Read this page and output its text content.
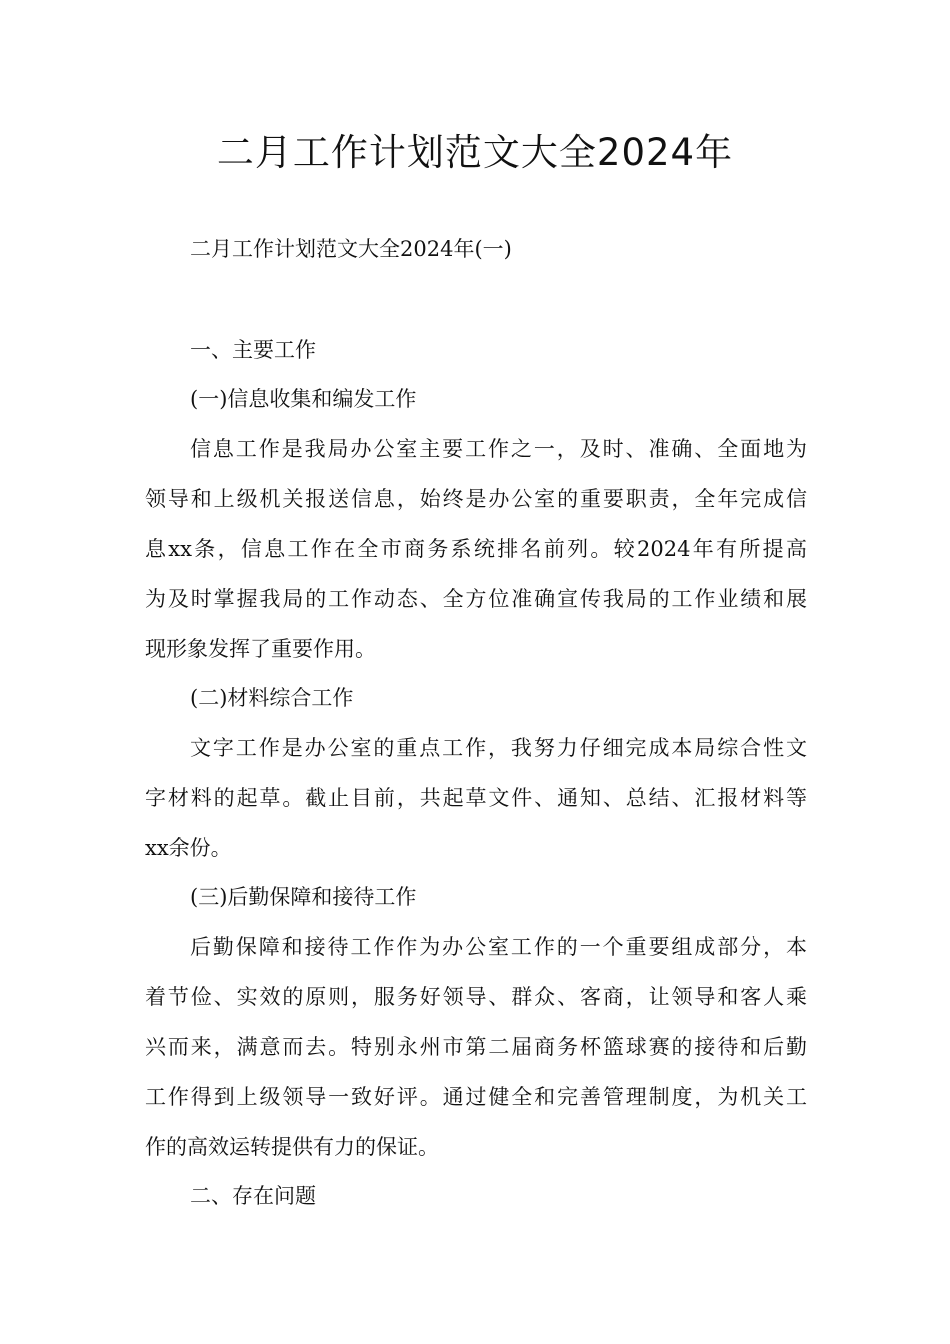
二月工作计划范文大全2024年

二月工作计划范文大全2024年(一)

一、主要工作

(一)信息收集和编发工作

信息工作是我局办公室主要工作之一，及时、准确、全面地为

领导和上级机关报送信息，始终是办公室的重要职责，全年完成信

息xx条，信息工作在全市商务系统排名前列。较2024年有所提高

为及时掌握我局的工作动态、全方位准确宣传我局的工作业绩和展

现形象发挥了重要作用。

(二)材料综合工作

文字工作是办公室的重点工作，我努力仔细完成本局综合性文

字材料的起草。截止目前，共起草文件、通知、总结、汇报材料等

xx余份。

(三)后勤保障和接待工作

后勤保障和接待工作作为办公室工作的一个重要组成部分，本

着节俭、实效的原则，服务好领导、群众、客商，让领导和客人乘

兴而来，满意而去。特别永州市第二届商务杯篮球赛的接待和后勤

工作得到上级领导一致好评。通过健全和完善管理制度，为机关工

作的高效运转提供有力的保证。

二、存在问题
